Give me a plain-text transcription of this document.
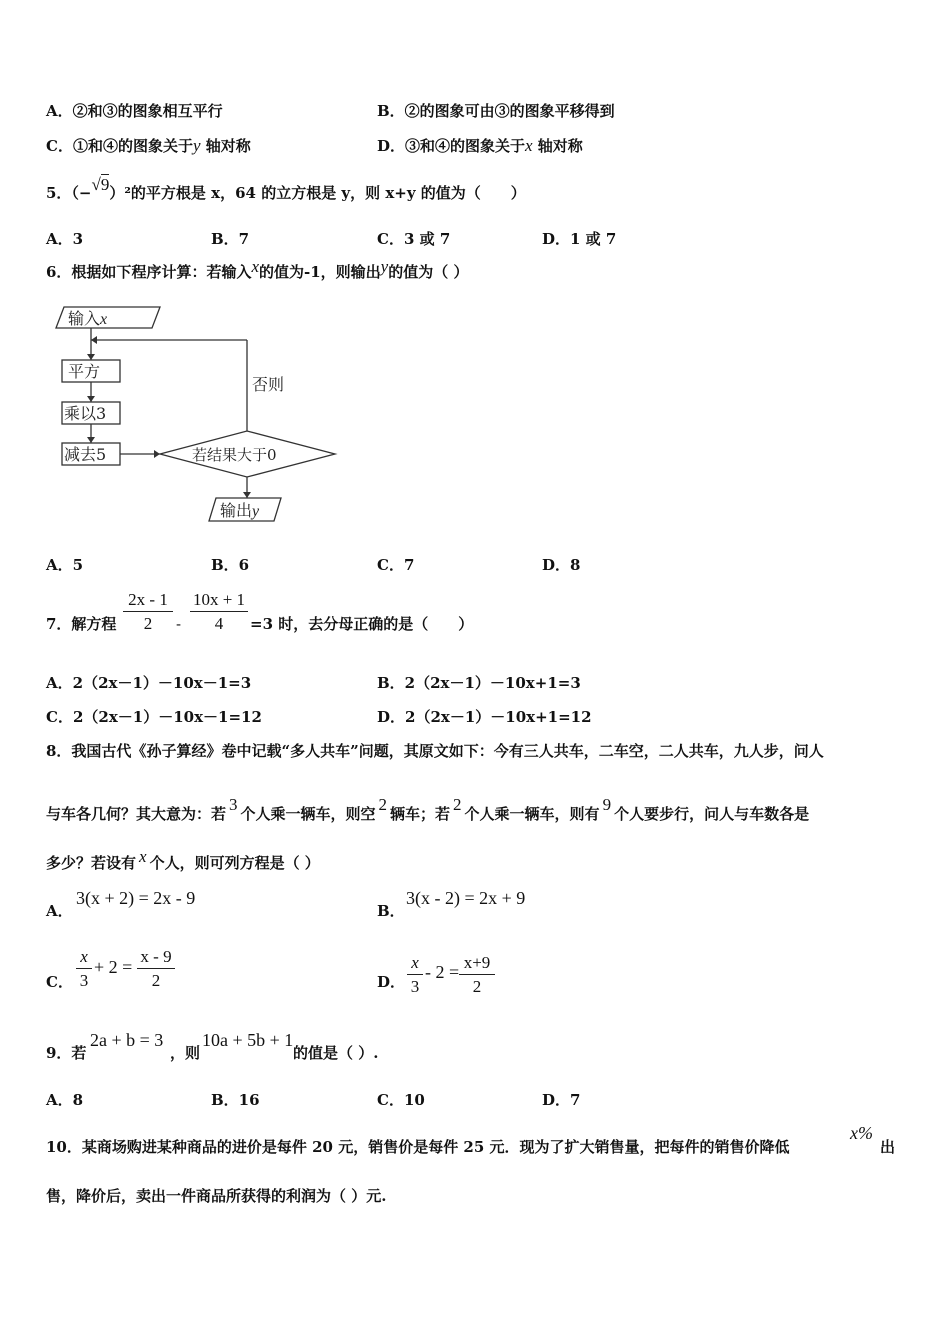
A．②和③的图象相互平行	B．②的图象可由③的图象平移得到
C．①和④的图象关于y 轴对称	D．③和④的图象关于x 轴对称
5．（−√9）²的平方根是 x，64 的立方根是 y，则 x+y 的值为（　　）
A．3	B．7	C．3 或 7	D．1 或 7
6．根据如下程序计算：若输入x的值为-1，则输出y的值为（ ）
输入x
平方
乘以3
减去5	若结果大于0
否则
输出y
A．5	B．6	C．7	D．8
7．解方程 $\frac{2x - 1}{2} - \frac{10x + 1}{4} =3$ 时，去分母正确的是（　　）
A．2（2x－1）－10x－1=3	B．2（2x－1）－10x+1=3
C．2（2x－1）－10x－1=12	D．2（2x－1）－10x+1=12
8．我国古代《孙子算经》卷中记载“多人共车”问题，其原文如下：今有三人共车，二车空，二人共车，九人步，问人
与车各几何？其大意为：若 3 个人乘一辆车，则空 2 辆车；若 2 个人乘一辆车，则有 9 个人要步行，问人与车数各是
多少？若设有 x 个人，则可列方程是（ ）
A．
3(x + 2) = 2x - 9
B．
3(x - 2) = 2x + 9
C． $\frac{x}{3} + 2 = \frac{x - 9}{2}$	D． $\frac{x}{3} - 2 = \frac{x+9}{2}$
9．若
2a + b = 3
，则
10a + 5b + 1
的值是（ ）.
A．8	B．16	C．10	D．7
10．某商场购进某种商品的进价是每件 20 元，销售价是每件 25 元．现为了扩大销售量，把每件的销售价降低
x%
出
售，降价后，卖出一件商品所获得的利润为（ ）元.
